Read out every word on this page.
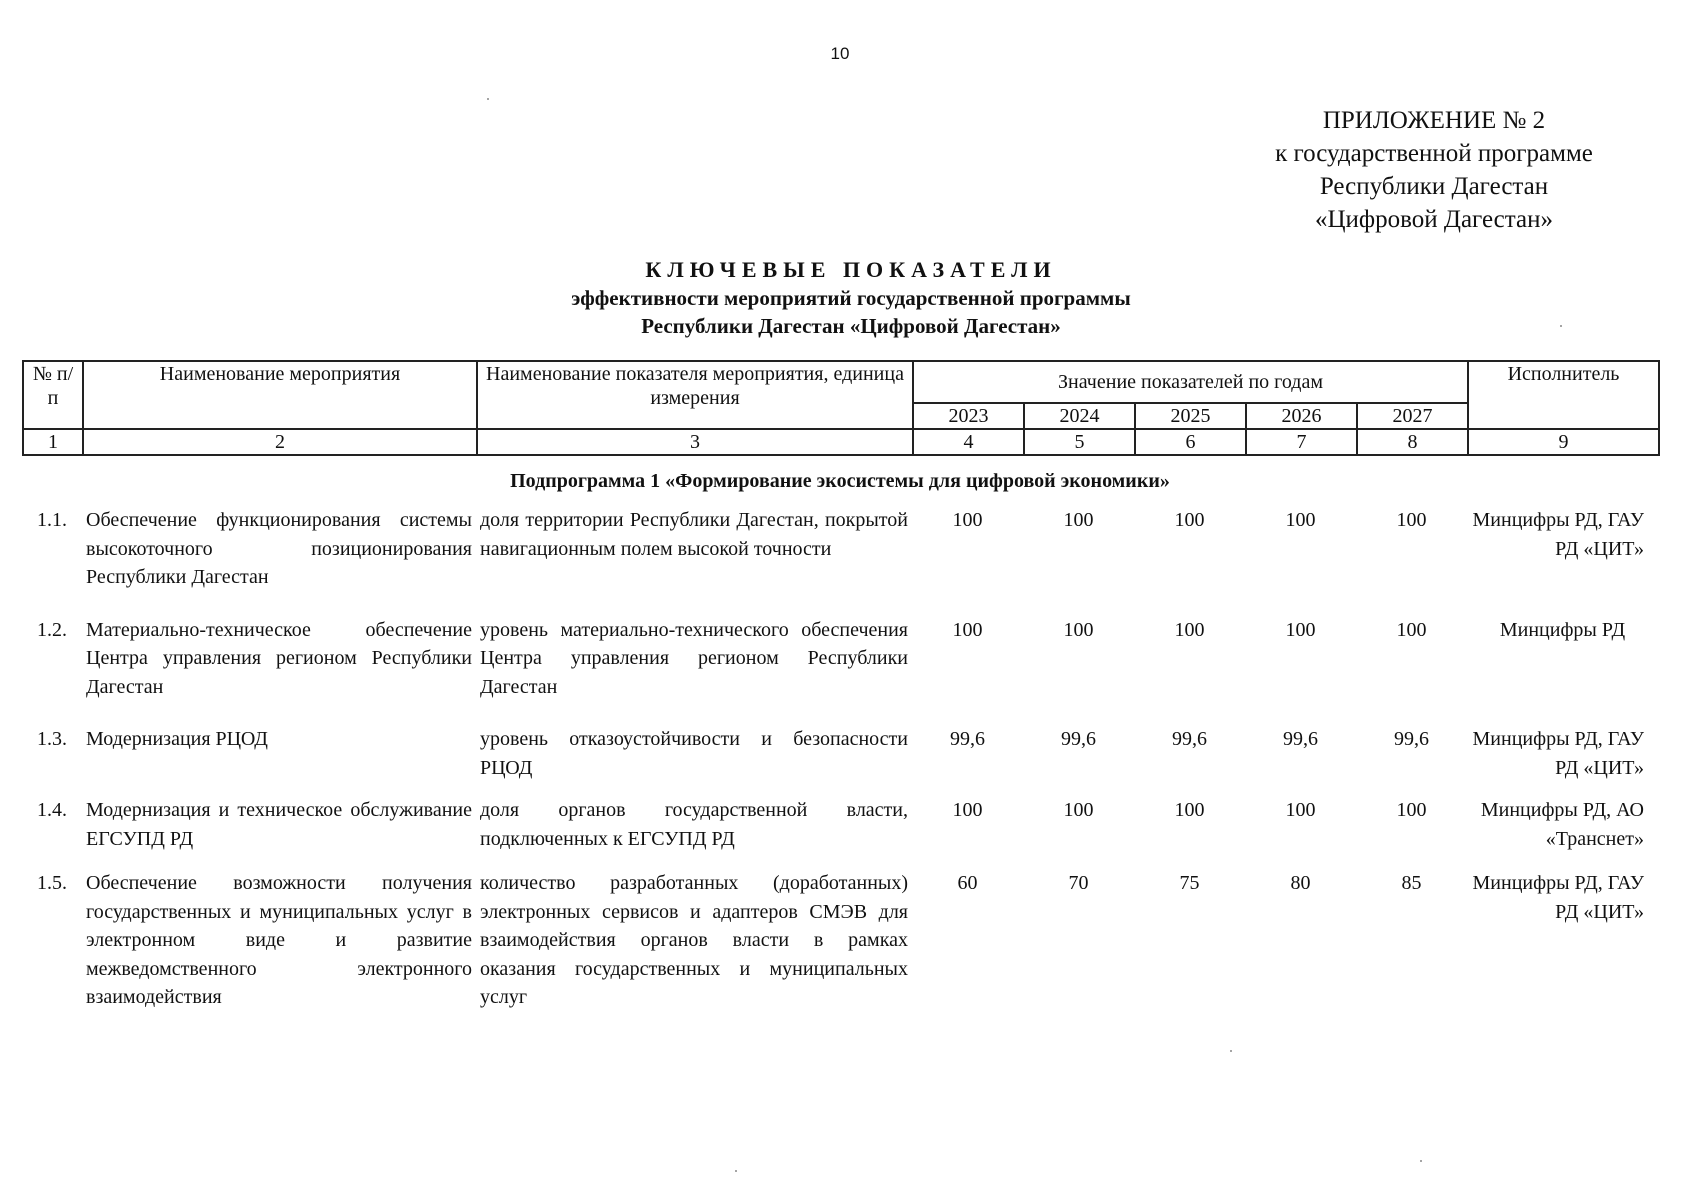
10
ПРИЛОЖЕНИЕ № 2
к государственной программе
Республики Дагестан
«Цифровой Дагестан»
КЛЮЧЕВЫЕ ПОКАЗАТЕЛИ
эффективности мероприятий государственной программы
Республики Дагестан «Цифровой Дагестан»
№ п/п	Наименование мероприятия	Наименование показателя мероприятия, единица измерения	Значение показателей по годам					Исполнитель
			2023	2024	2025	2026	2027	
1	2	3	4	5	6	7	8	9
Подпрограмма 1 «Формирование экосистемы для цифровой экономики»
1.1.	Обеспечение функционирования системы высокоточного позиционирования Республики Дагестан	доля территории Республики Дагестан, покрытой навигационным полем высокой точности	100	100	100	100	100	Минцифры РД, ГАУ РД «ЦИТ»

1.2.	Материально-техническое обеспечение Центра управления регионом Республики Дагестан	уровень материально-технического обеспечения Центра управления регионом Республики Дагестан	100	100	100	100	100	Минцифры РД

1.3.	Модернизация РЦОД	уровень отказоустойчивости и безопасности РЦОД	99,6	99,6	99,6	99,6	99,6	Минцифры РД, ГАУ РД «ЦИТ»

1.4.	Модернизация и техническое обслуживание ЕГСУПД РД	доля органов государственной власти, подключенных к ЕГСУПД РД	100	100	100	100	100	Минцифры РД, АО «Транснет»

1.5.	Обеспечение возможности получения государственных и муниципальных услуг в электронном виде и развитие межведомственного электронного взаимодействия	количество разработанных (доработанных) электронных сервисов и адаптеров СМЭВ для взаимодействия органов власти в рамках оказания государственных и муниципальных услуг	60	70	75	80	85	Минцифры РД, ГАУ РД «ЦИТ»
